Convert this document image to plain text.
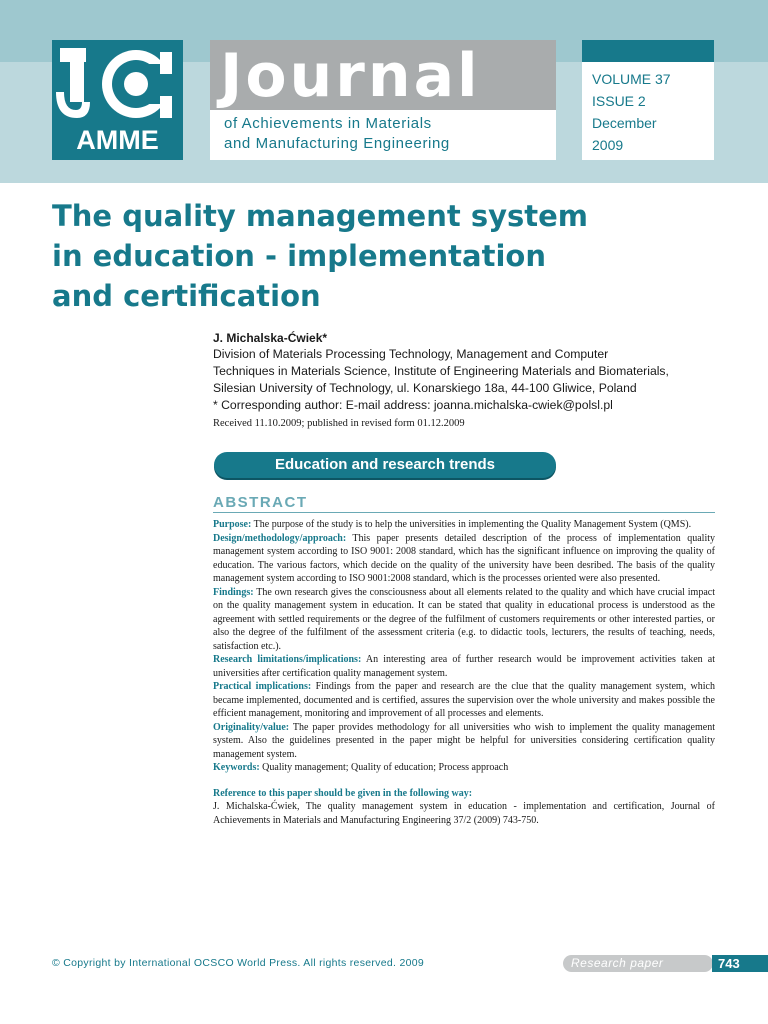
AMME
Journal
of Achievements in Materials
and Manufacturing Engineering
VOLUME 37
ISSUE 2
December
2009
The quality management system
in education - implementation
and certification
J. Michalska-Ćwiek*
Division of Materials Processing Technology, Management and Computer
Techniques in Materials Science, Institute of Engineering Materials and Biomaterials,
Silesian University of Technology, ul. Konarskiego 18a, 44-100 Gliwice, Poland
* Corresponding author: E-mail address: joanna.michalska-cwiek@polsl.pl
Received 11.10.2009; published in revised form 01.12.2009
Education and research trends
ABSTRACT

Purpose: The purpose of the study is to help the universities in implementing the Quality Management System (QMS).

Design/methodology/approach: This paper presents detailed description of the process of implementation quality management system according to ISO 9001: 2008 standard, which has the significant influence on improving the quality of education. The various factors, which decide on the quality of the university have been desribed. The basis of the quality management system according to ISO 9001:2008 standard, which is the processes oriented were also presented.

Findings: The own research gives the consciousness about all elements related to the quality and which have crucial impact on the quality management system in education. It can be stated that quality in educational process is understood as the agreement with settled requirements or the degree of the fulfilment of customers requirements or other interested parties, or also the degree of the fulfilment of the assessment criteria (e.g. to didactic tools, lecturers, the results of teaching, needs, satisfaction etc.).

Research limitations/implications: An interesting area of further research would be improvement activities taken at universities after certification quality management system.

Practical implications: Findings from the paper and research are the clue that the quality management system, which became implemented, documented and is certified, assures the supervision over the whole university and makes possible the efficient management, monitoring and improvement of all processes and elements.

Originality/value: The paper provides methodology for all universities who wish to implement the quality management system. Also the guidelines presented in the paper might be helpful for universities considering certification quality management system.

Keywords: Quality management; Quality of education; Process approach

Reference to this paper should be given in the following way:

J. Michalska-Ćwiek, The quality management system in education - implementation and certification, Journal of Achievements in Materials and Manufacturing Engineering 37/2 (2009) 743-750.

© Copyright by International OCSCO World Press. All rights reserved. 2009	Research paper	743
